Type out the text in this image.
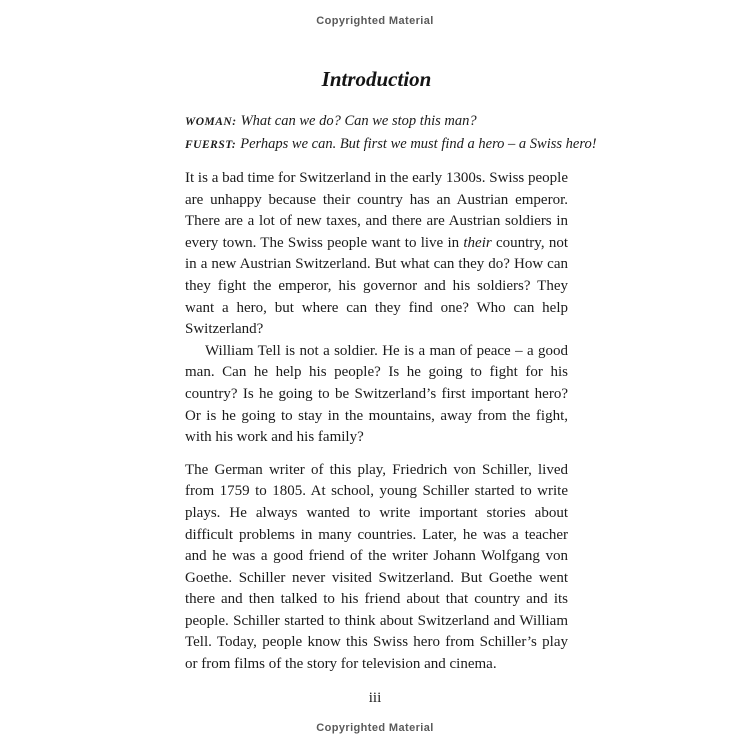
Copyrighted Material
Introduction
WOMAN: What can we do? Can we stop this man?
FUERST: Perhaps we can. But first we must find a hero – a Swiss hero!

It is a bad time for Switzerland in the early 1300s. Swiss people are unhappy because their country has an Austrian emperor. There are a lot of new taxes, and there are Austrian soldiers in every town. The Swiss people want to live in their country, not in a new Austrian Switzerland. But what can they do? How can they fight the emperor, his governor and his soldiers? They want a hero, but where can they find one? Who can help Switzerland?

William Tell is not a soldier. He is a man of peace – a good man. Can he help his people? Is he going to fight for his country? Is he going to be Switzerland’s first important hero? Or is he going to stay in the mountains, away from the fight, with his work and his family?

The German writer of this play, Friedrich von Schiller, lived from 1759 to 1805. At school, young Schiller started to write plays. He always wanted to write important stories about difficult problems in many countries. Later, he was a teacher and he was a good friend of the writer Johann Wolfgang von Goethe. Schiller never visited Switzerland. But Goethe went there and then talked to his friend about that country and its people. Schiller started to think about Switzerland and William Tell. Today, people know this Swiss hero from Schiller’s play or from films of the story for television and cinema.

iii
Copyrighted Material
